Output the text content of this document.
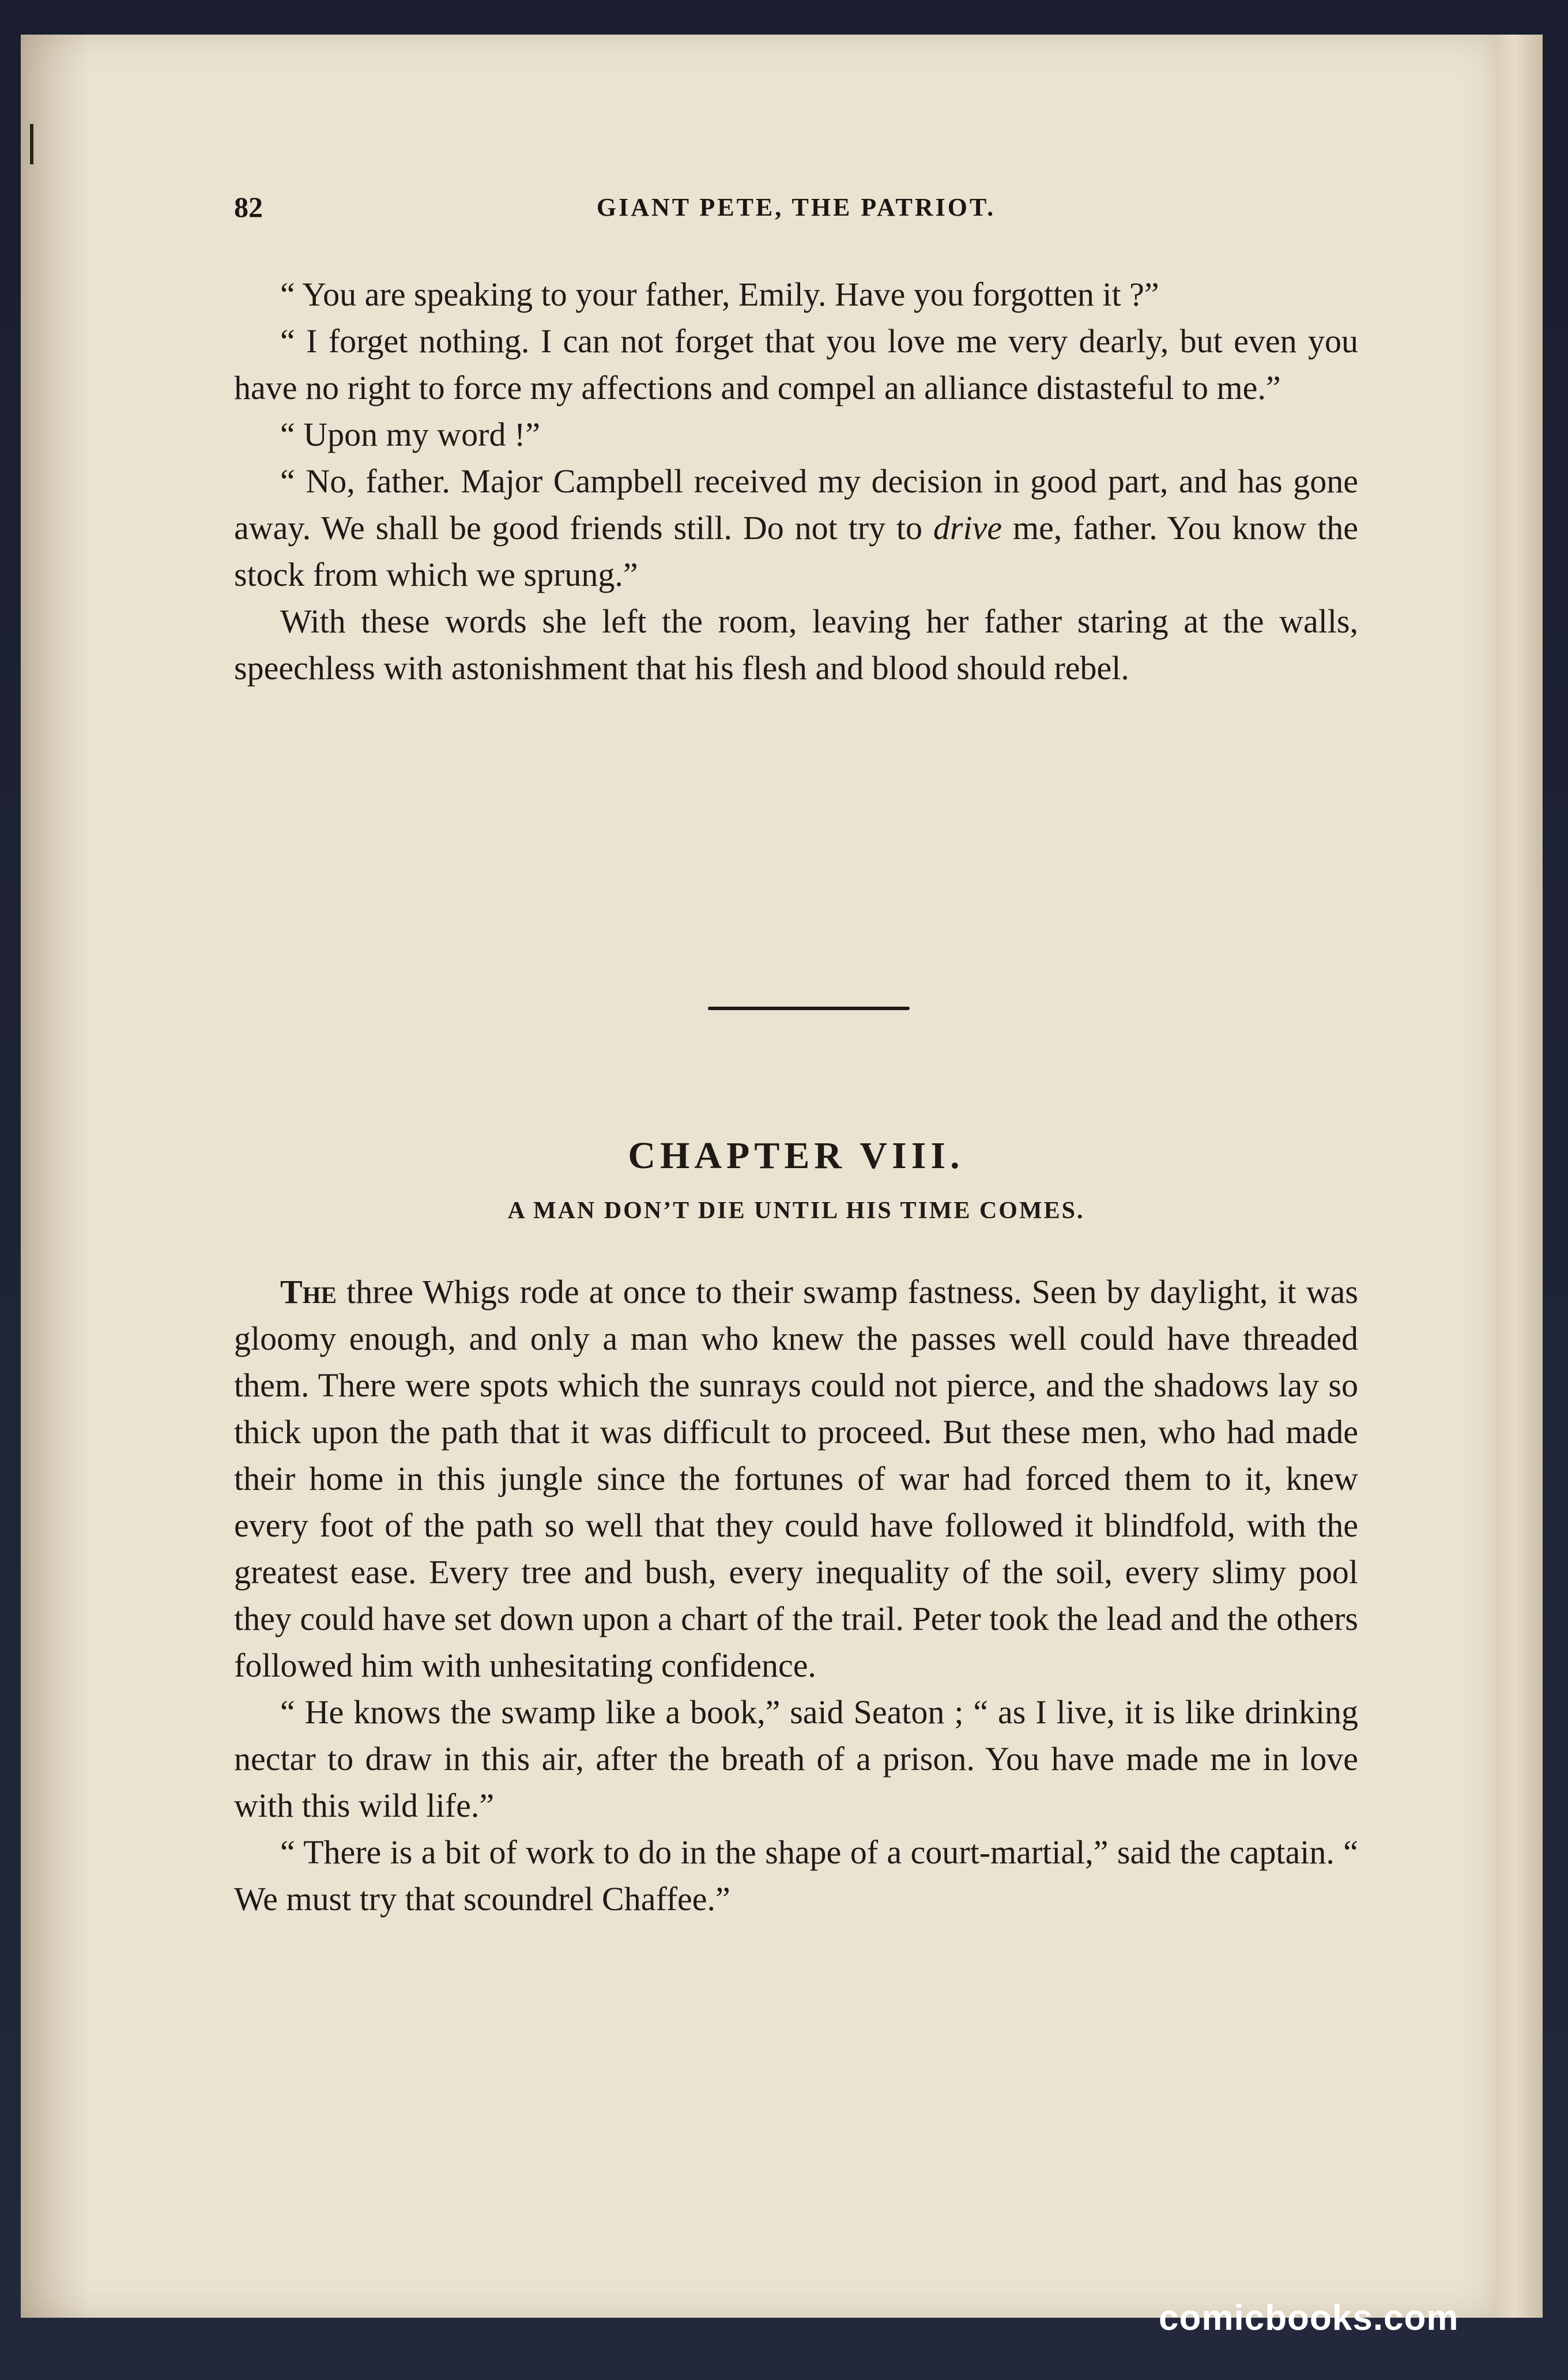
82	GIANT PETE, THE PATRIOT.

“ You are speaking to your father, Emily. Have you forgotten it ?”

“ I forget nothing. I can not forget that you love me very dearly, but even you have no right to force my affections and compel an alliance distasteful to me.”

“ Upon my word !”

“ No, father. Major Campbell received my decision in good part, and has gone away. We shall be good friends still. Do not try to drive me, father. You know the stock from which we sprung.”

With these words she left the room, leaving her father staring at the walls, speechless with astonishment that his flesh and blood should rebel.

CHAPTER VIII.
A MAN DON’T DIE UNTIL HIS TIME COMES.

The three Whigs rode at once to their swamp fastness. Seen by daylight, it was gloomy enough, and only a man who knew the passes well could have threaded them. There were spots which the sunrays could not pierce, and the shadows lay so thick upon the path that it was difficult to proceed. But these men, who had made their home in this jungle since the fortunes of war had forced them to it, knew every foot of the path so well that they could have followed it blindfold, with the greatest ease. Every tree and bush, every inequality of the soil, every slimy pool they could have set down upon a chart of the trail. Peter took the lead and the others followed him with unhesitating confidence.

“ He knows the swamp like a book,” said Seaton ; “ as I live, it is like drinking nectar to draw in this air, after the breath of a prison. You have made me in love with this wild life.”

“ There is a bit of work to do in the shape of a court-martial,” said the captain. “ We must try that scoundrel Chaffee.”

comicbooks.com
